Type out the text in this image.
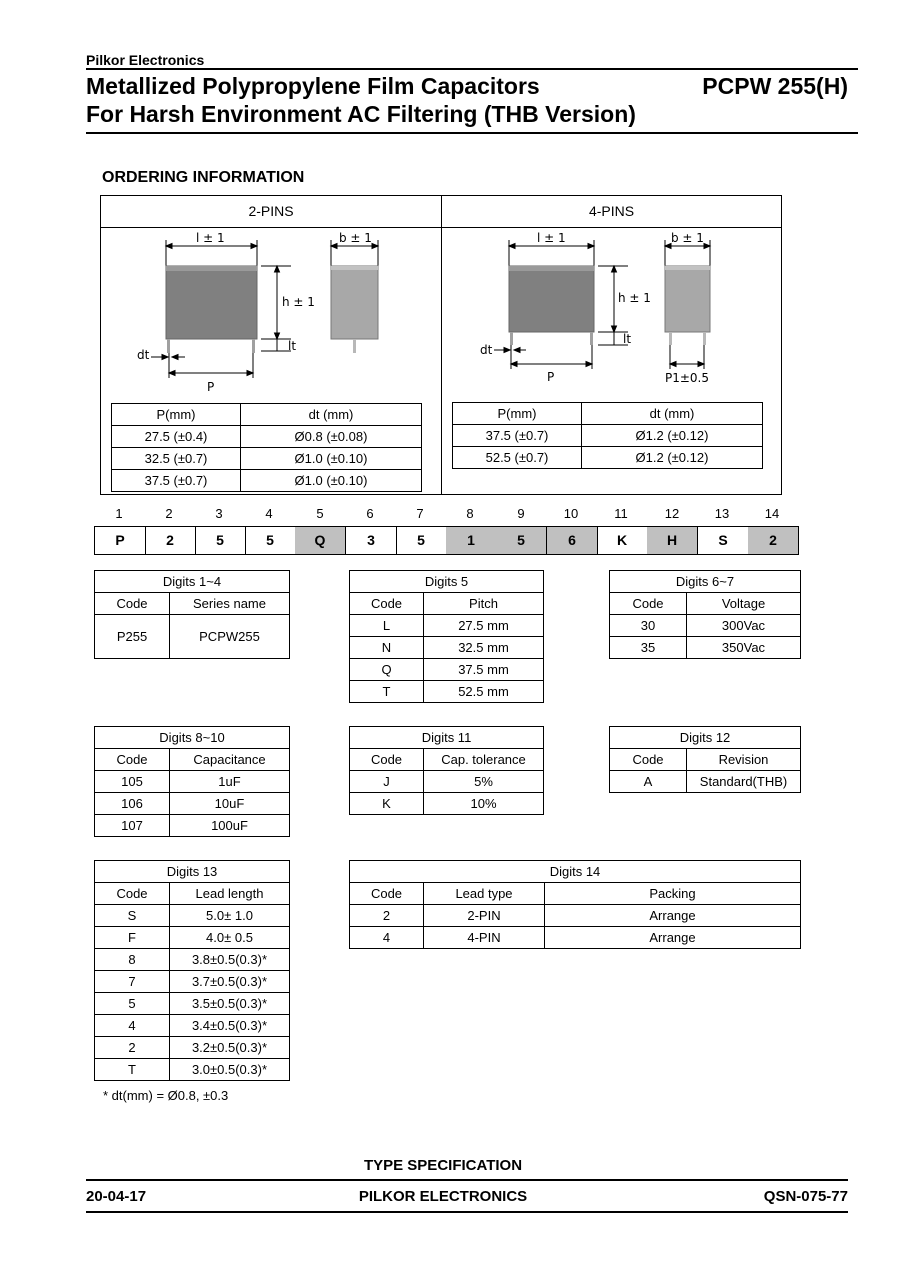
Pilkor Electronics
Metallized Polypropylene Film Capacitors
For Harsh Environment AC Filtering (THB Version)
PCPW 255(H)
ORDERING INFORMATION
2-PINS	4-PINS
l ± 1	b ± 1
h ± 1
lt
dt
P
l ± 1	b ± 1
h ± 1
lt
dt
P	P1±0.5
P(mm)	dt (mm)
27.5 (±0.4)	Ø0.8 (±0.08)
32.5 (±0.7)	Ø1.0 (±0.10)
37.5 (±0.7)	Ø1.0 (±0.10)
P(mm)	dt (mm)
37.5 (±0.7)	Ø1.2 (±0.12)
52.5 (±0.7)	Ø1.2 (±0.12)
1	2	3	4	5	6	7	8	9	10	11	12	13	14
P	2	5	5	Q	3	5	1	5	6	K	H	S	2
Digits 1~4	
Code	Series name
P255	PCPW255
Digits 5	
Code	Pitch
L	27.5 mm
N	32.5 mm
Q	37.5 mm
T	52.5 mm
Digits 6~7	
Code	Voltage
30	300Vac
35	350Vac
Digits 8~10	
Code	Capacitance
105	1uF
106	10uF
107	100uF
Digits 11	
Code	Cap. tolerance
J	5%
K	10%
Digits 12	
Code	Revision
A	Standard(THB)
Digits 13	
Code	Lead length
S	5.0± 1.0
F	4.0± 0.5
8	3.8±0.5(0.3)*
7	3.7±0.5(0.3)*
5	3.5±0.5(0.3)*
4	3.4±0.5(0.3)*
2	3.2±0.5(0.3)*
T	3.0±0.5(0.3)*
Digits 14		
Code	Lead type	Packing
2	2-PIN	Arrange
4	4-PIN	Arrange
* dt(mm) = Ø0.8, ±0.3
TYPE SPECIFICATION
20-04-17	PILKOR ELECTRONICS	QSN-075-77
